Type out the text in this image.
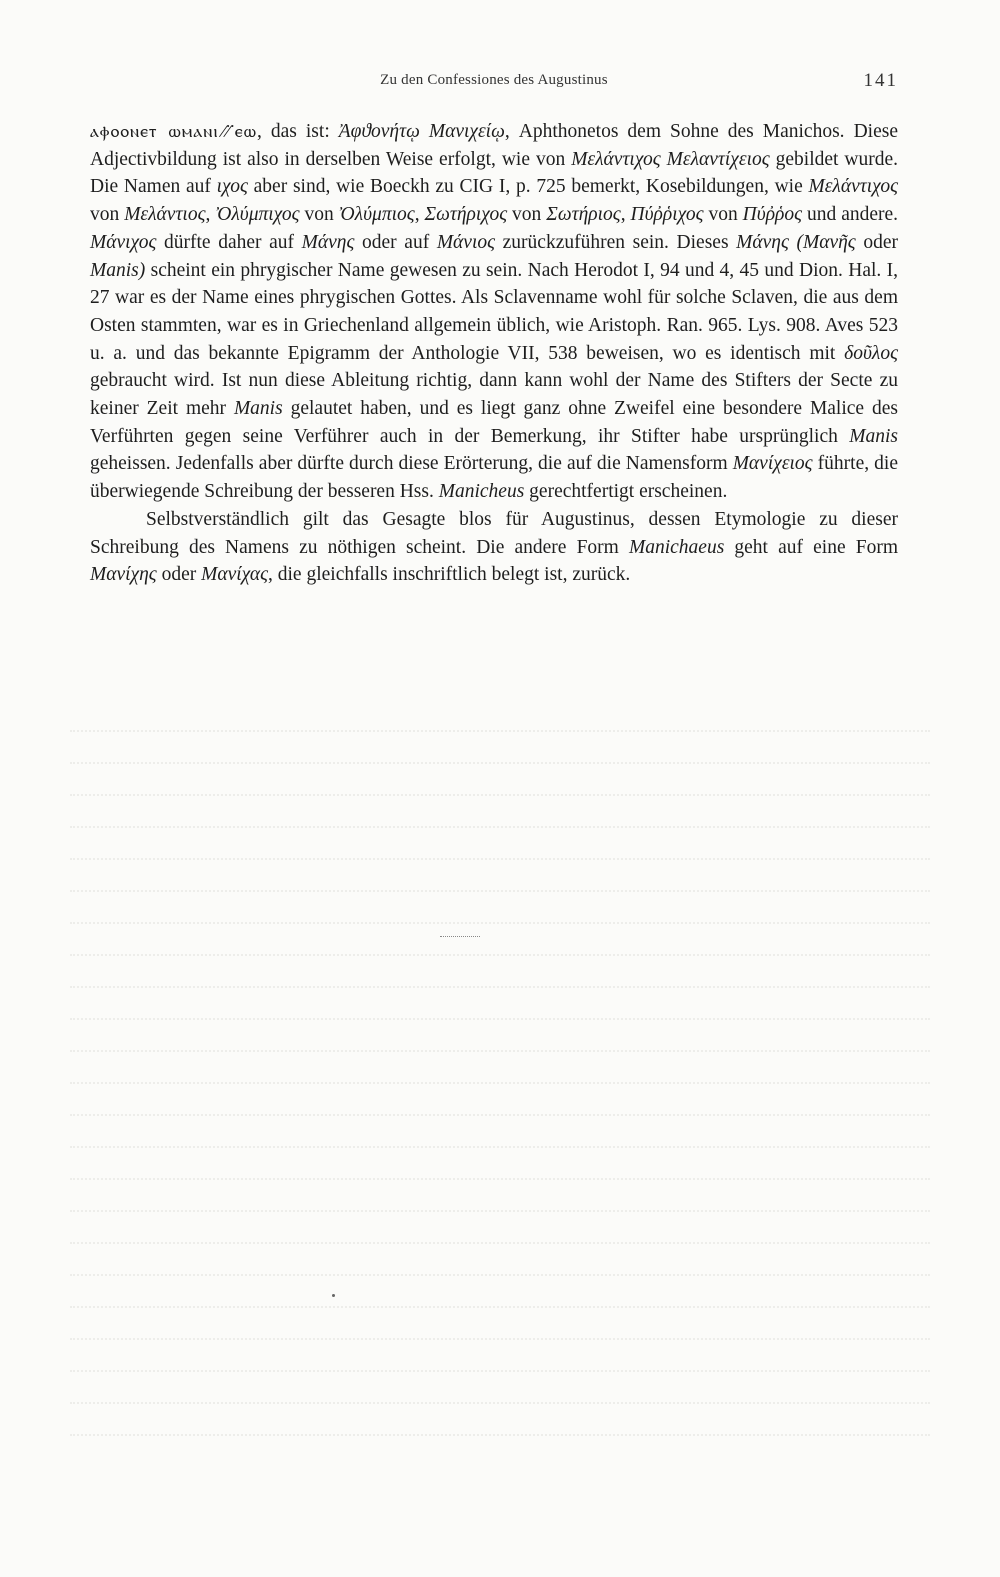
Zu den Confessiones des Augustinus	141

ⲁⲫⲟⲟⲛⲉⲧ ⲱⲙⲁⲛⲓ⳼ⲉⲱ, das ist: Ἀφϑονήτῳ Μανιχείῳ, Aphthonetos dem Sohne des Manichos. Diese Adjectivbildung ist also in derselben Weise erfolgt, wie von Μελάντιχος Μελαντίχειος gebildet wurde. Die Namen auf ιχος aber sind, wie Boeckh zu CIG I, p. 725 bemerkt, Kosebildungen, wie Μελάντιχος von Μελάντιος, Ὀλύμπιχος von Ὀλύμπιος, Σωτήριχος von Σωτήριος, Πύῤῥιχος von Πύῤῥος und andere. Μάνιχος dürfte daher auf Μάνης oder auf Μάνιος zurückzuführen sein. Dieses Μάνης (Μανῆς oder Manis) scheint ein phrygischer Name gewesen zu sein. Nach Herodot I, 94 und 4, 45 und Dion. Hal. I, 27 war es der Name eines phrygischen Gottes. Als Sclavenname wohl für solche Sclaven, die aus dem Osten stammten, war es in Griechenland allgemein üblich, wie Aristoph. Ran. 965. Lys. 908. Aves 523 u. a. und das bekannte Epigramm der Anthologie VII, 538 beweisen, wo es identisch mit δοῦλος gebraucht wird. Ist nun diese Ableitung richtig, dann kann wohl der Name des Stifters der Secte zu keiner Zeit mehr Manis gelautet haben, und es liegt ganz ohne Zweifel eine besondere Malice des Verführten gegen seine Verführer auch in der Bemerkung, ihr Stifter habe ursprünglich Manis geheissen. Jedenfalls aber dürfte durch diese Erörterung, die auf die Namensform Μανίχειος führte, die überwiegende Schreibung der besseren Hss. Manicheus gerechtfertigt erscheinen.

Selbstverständlich gilt das Gesagte blos für Augustinus, dessen Etymologie zu dieser Schreibung des Namens zu nöthigen scheint. Die andere Form Manichaeus geht auf eine Form Μανίχης oder Μανίχας, die gleichfalls inschriftlich belegt ist, zurück.
